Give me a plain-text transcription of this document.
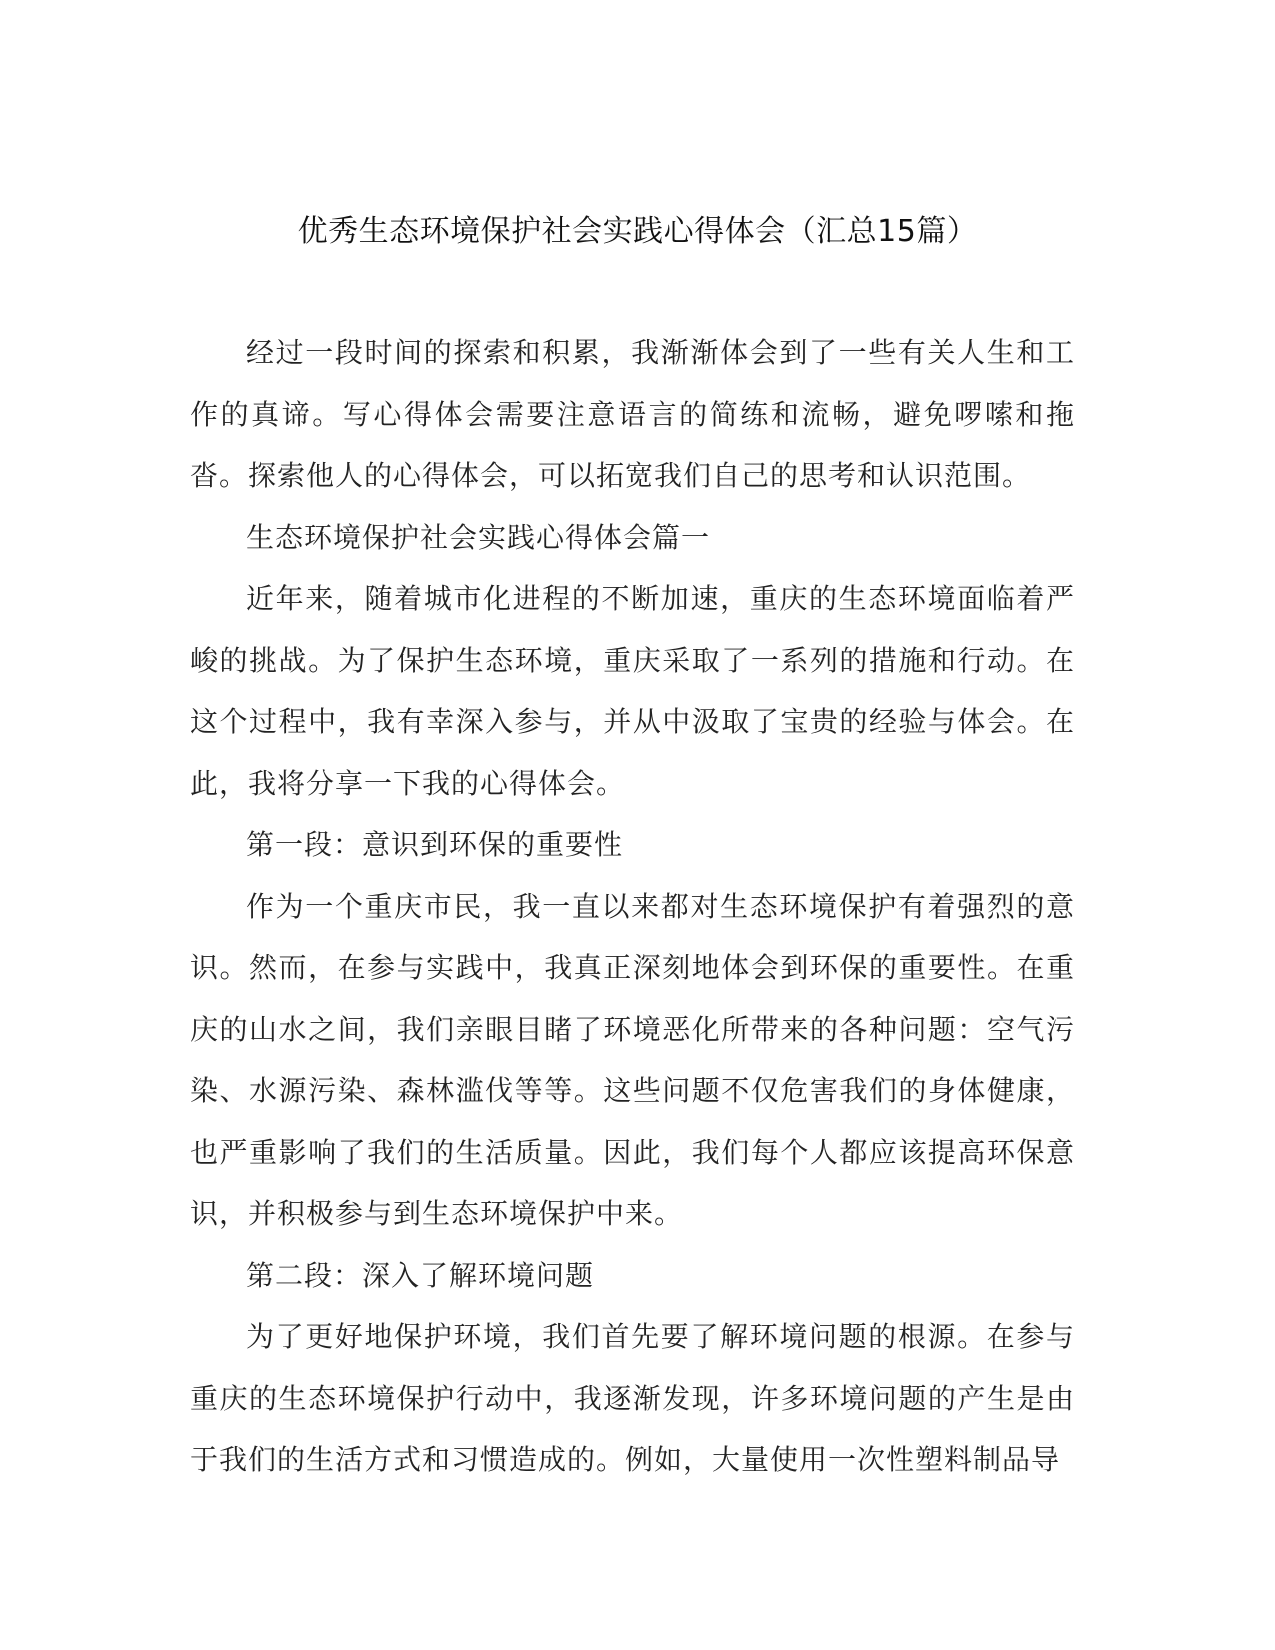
优秀生态环境保护社会实践心得体会（汇总15篇）

经过一段时间的探索和积累，我渐渐体会到了一些有关人生和工作的真谛。写心得体会需要注意语言的简练和流畅，避免啰嗦和拖沓。探索他人的心得体会，可以拓宽我们自己的思考和认识范围。

生态环境保护社会实践心得体会篇一

近年来，随着城市化进程的不断加速，重庆的生态环境面临着严峻的挑战。为了保护生态环境，重庆采取了一系列的措施和行动。在这个过程中，我有幸深入参与，并从中汲取了宝贵的经验与体会。在此，我将分享一下我的心得体会。

第一段：意识到环保的重要性

作为一个重庆市民，我一直以来都对生态环境保护有着强烈的意识。然而，在参与实践中，我真正深刻地体会到环保的重要性。在重庆的山水之间，我们亲眼目睹了环境恶化所带来的各种问题：空气污染、水源污染、森林滥伐等等。这些问题不仅危害我们的身体健康，也严重影响了我们的生活质量。因此，我们每个人都应该提高环保意识，并积极参与到生态环境保护中来。

第二段：深入了解环境问题

为了更好地保护环境，我们首先要了解环境问题的根源。在参与重庆的生态环境保护行动中，我逐渐发现，许多环境问题的产生是由于我们的生活方式和习惯造成的。例如，大量使用一次性塑料制品导
